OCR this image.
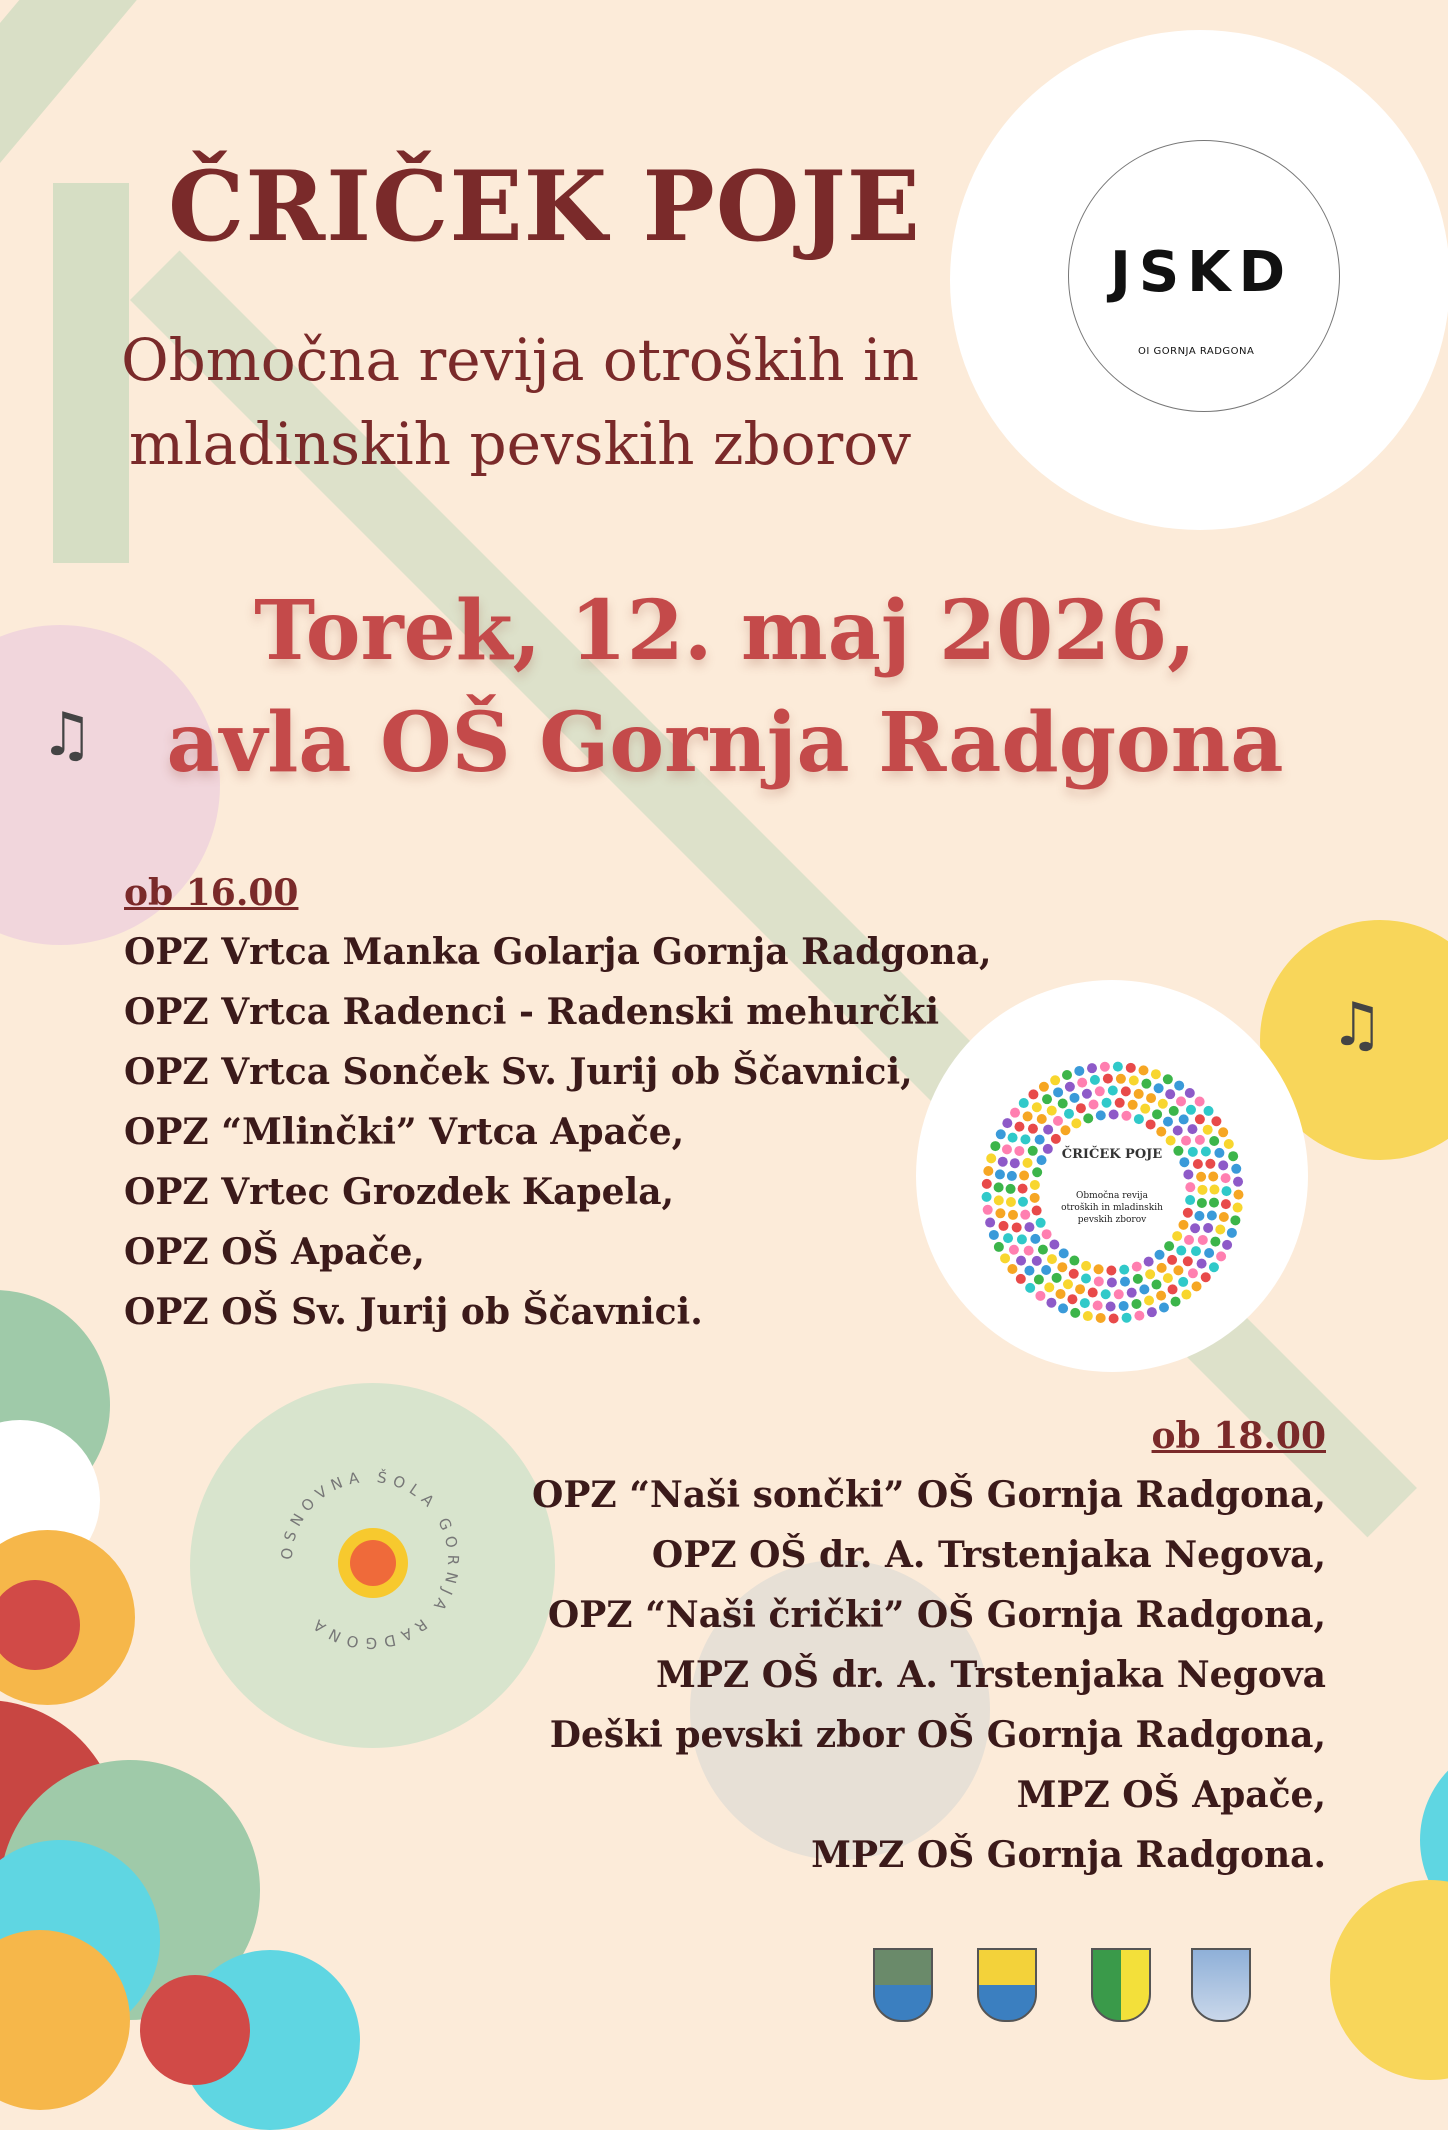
♫
♫
ČRIČEK POJE
Območna revija otroških in
mladinskih pevskih zborov
Torek, 12. maj 2026,
avla OŠ Gornja Radgona
JSKD
OI GORNJA RADGONA
ČRIČEK POJE
Območna revija otroških in mladinskih pevskih zborov
OSNOVNA ŠOLA GORNJA RADGONA
ob 16.00
OPZ Vrtca Manka Golarja Gornja Radgona,
OPZ Vrtca Radenci - Radenski mehurčki
OPZ Vrtca Sonček Sv. Jurij ob Ščavnici,
OPZ “Mlinčki” Vrtca Apače,
OPZ Vrtec Grozdek Kapela,
OPZ OŠ Apače,
OPZ OŠ Sv. Jurij ob Ščavnici.
ob 18.00
OPZ “Naši sončki” OŠ Gornja Radgona,
OPZ OŠ dr. A. Trstenjaka Negova,
OPZ “Naši črički” OŠ Gornja Radgona,
MPZ OŠ dr. A. Trstenjaka Negova
Deški pevski zbor OŠ Gornja Radgona,
MPZ OŠ Apače,
MPZ OŠ Gornja Radgona.
